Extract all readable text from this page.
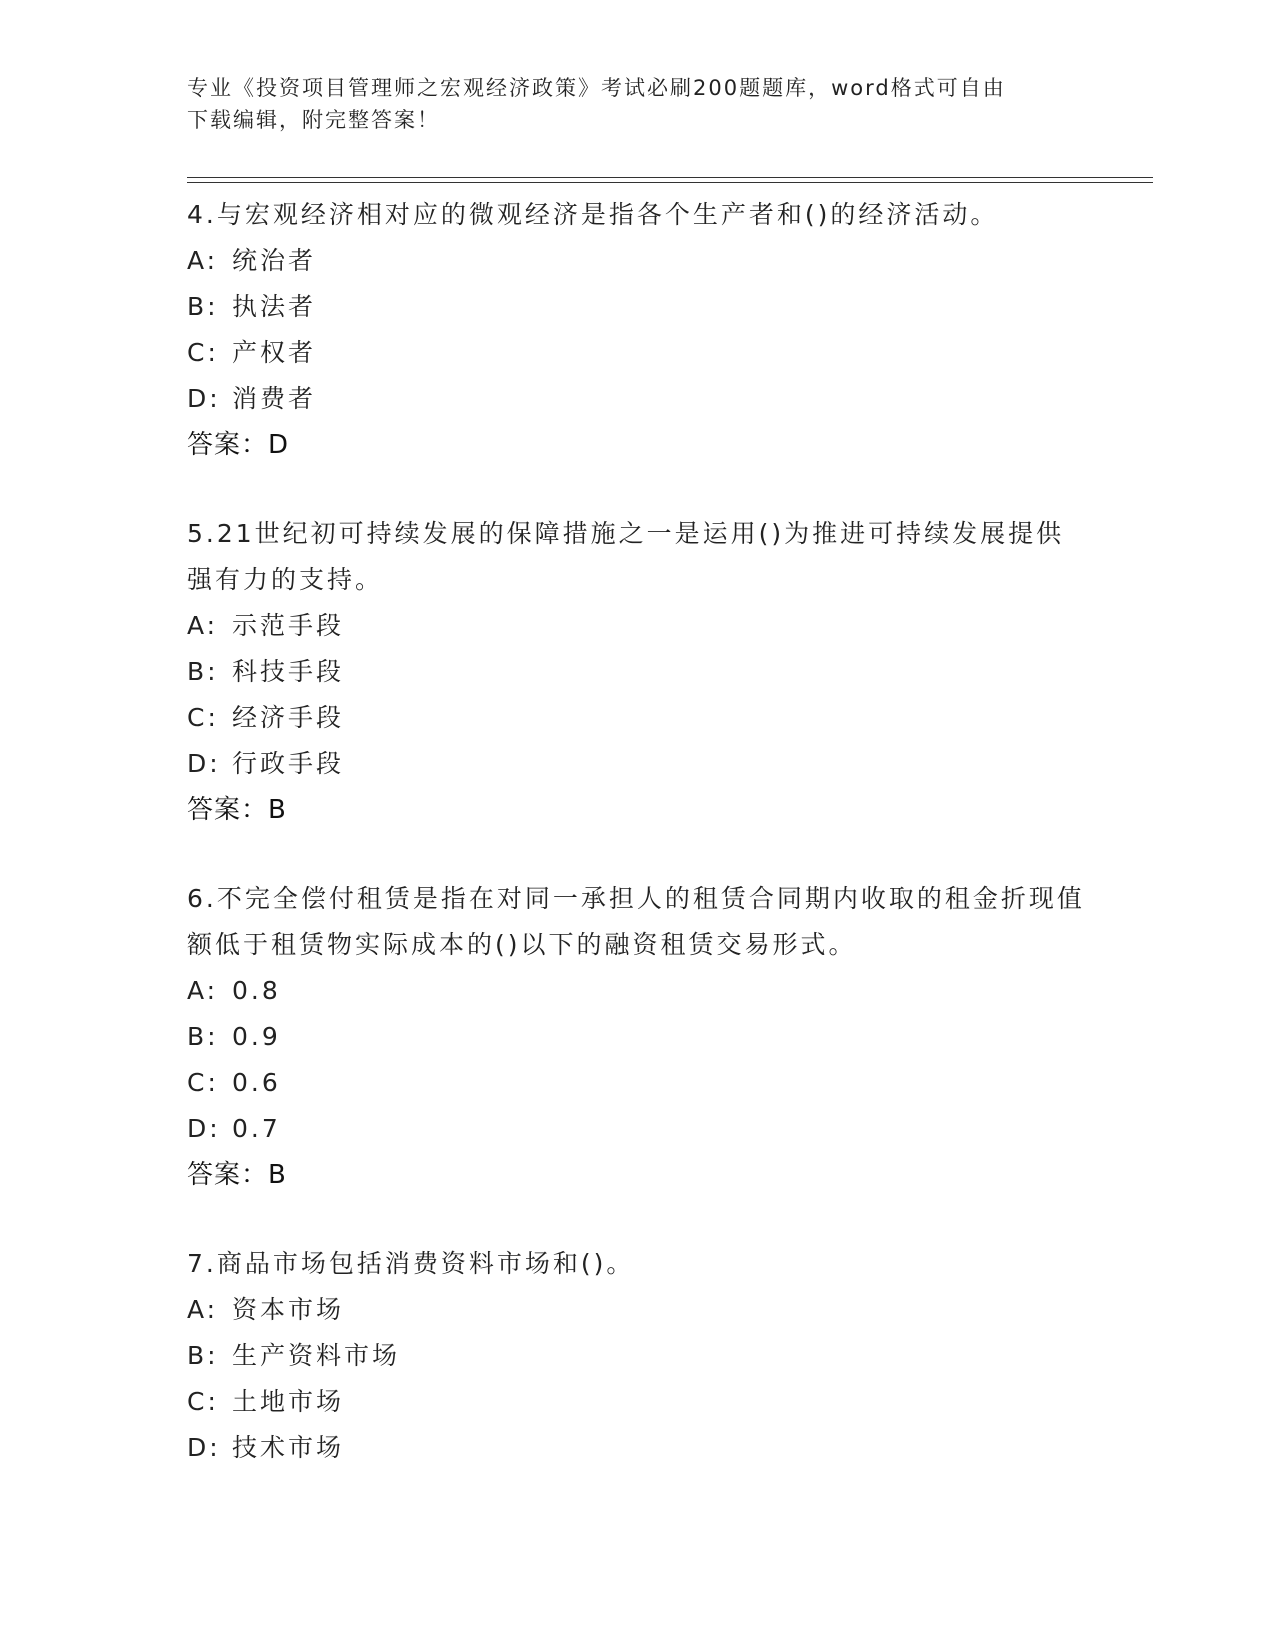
专业《投资项目管理师之宏观经济政策》考试必刷200题题库，word格式可自由
下载编辑，附完整答案！
4.与宏观经济相对应的微观经济是指各个生产者和()的经济活动。
A: 统治者
B: 执法者
C: 产权者
D: 消费者
答案：D
5.21世纪初可持续发展的保障措施之一是运用()为推进可持续发展提供强有力的支持。
A: 示范手段
B: 科技手段
C: 经济手段
D: 行政手段
答案：B
6.不完全偿付租赁是指在对同一承担人的租赁合同期内收取的租金折现值额低于租赁物实际成本的()以下的融资租赁交易形式。
A: 0.8
B: 0.9
C: 0.6
D: 0.7
答案：B
7.商品市场包括消费资料市场和()。
A: 资本市场
B: 生产资料市场
C: 土地市场
D: 技术市场
